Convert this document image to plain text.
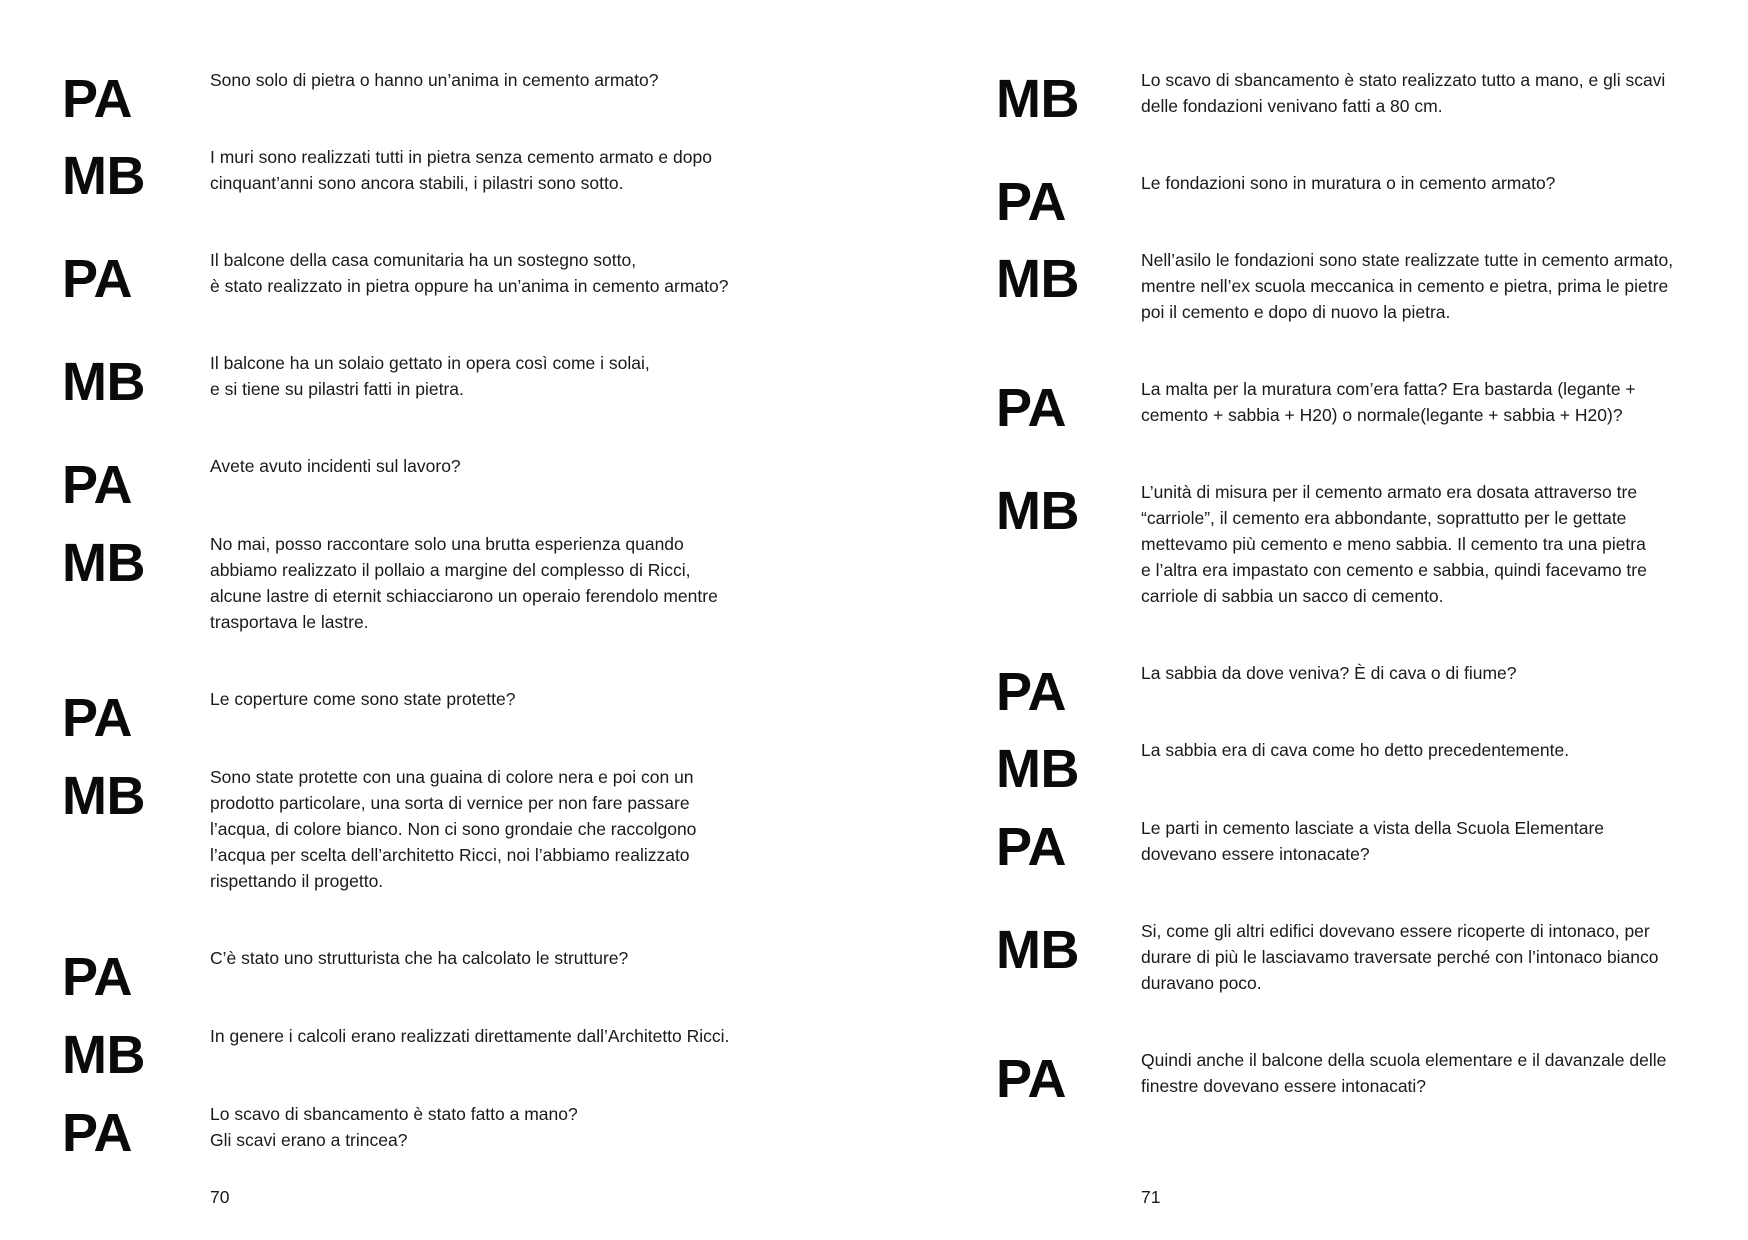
PA	Sono solo di pietra o hanno un’anima in cemento armato?
MB	I muri sono realizzati tutti in pietra senza cemento armato e dopo
cinquant’anni sono ancora stabili, i pilastri sono sotto.
PA	Il balcone della casa comunitaria ha un sostegno sotto,
è stato realizzato in pietra oppure ha un’anima in cemento armato?
MB	Il balcone ha un solaio gettato in opera così come i solai,
e si tiene su pilastri fatti in pietra.
PA	Avete avuto incidenti sul lavoro?
MB	No mai, posso raccontare solo una brutta esperienza quando
abbiamo realizzato il pollaio a margine del complesso di Ricci,
alcune lastre di eternit schiacciarono un operaio ferendolo mentre
trasportava le lastre.
PA	Le coperture come sono state protette?
MB	Sono state protette con una guaina di colore nera e poi con un
prodotto particolare, una sorta di vernice per non fare passare
l’acqua, di colore bianco. Non ci sono grondaie che raccolgono
l’acqua per scelta dell’architetto Ricci, noi l’abbiamo realizzato
rispettando il progetto.
PA	C’è stato uno strutturista che ha calcolato le strutture?
MB	In genere i calcoli erano realizzati direttamente dall’Architetto Ricci.
PA	Lo scavo di sbancamento è stato fatto a mano?
Gli scavi erano a trincea?
70
MB	Lo scavo di sbancamento è stato realizzato tutto a mano, e gli scavi
delle fondazioni venivano fatti a 80 cm.
PA	Le fondazioni sono in muratura o in cemento armato?
MB	Nell’asilo le fondazioni sono state realizzate tutte in cemento armato,
mentre nell’ex scuola meccanica in cemento e pietra, prima le pietre
poi il cemento e dopo di nuovo la pietra.
PA	La malta per la muratura com’era fatta? Era bastarda (legante +
cemento + sabbia + H20) o normale(legante + sabbia + H20)?
MB	L’unità di misura per il cemento armato era dosata attraverso tre
“carriole”, il cemento era abbondante, soprattutto per le gettate
mettevamo più cemento e meno sabbia. Il cemento tra una pietra
e l’altra era impastato con cemento e sabbia, quindi facevamo tre
carriole di sabbia un sacco di cemento.
PA	La sabbia da dove veniva? È di cava o di fiume?
MB	La sabbia era di cava come ho detto precedentemente.
PA	Le parti in cemento lasciate a vista della Scuola Elementare
dovevano essere intonacate?
MB	Si, come gli altri edifici dovevano essere ricoperte di intonaco, per
durare di più le lasciavamo traversate perché con l’intonaco bianco
duravano poco.
PA	Quindi anche il balcone della scuola elementare e il davanzale delle
finestre dovevano essere intonacati?
71
